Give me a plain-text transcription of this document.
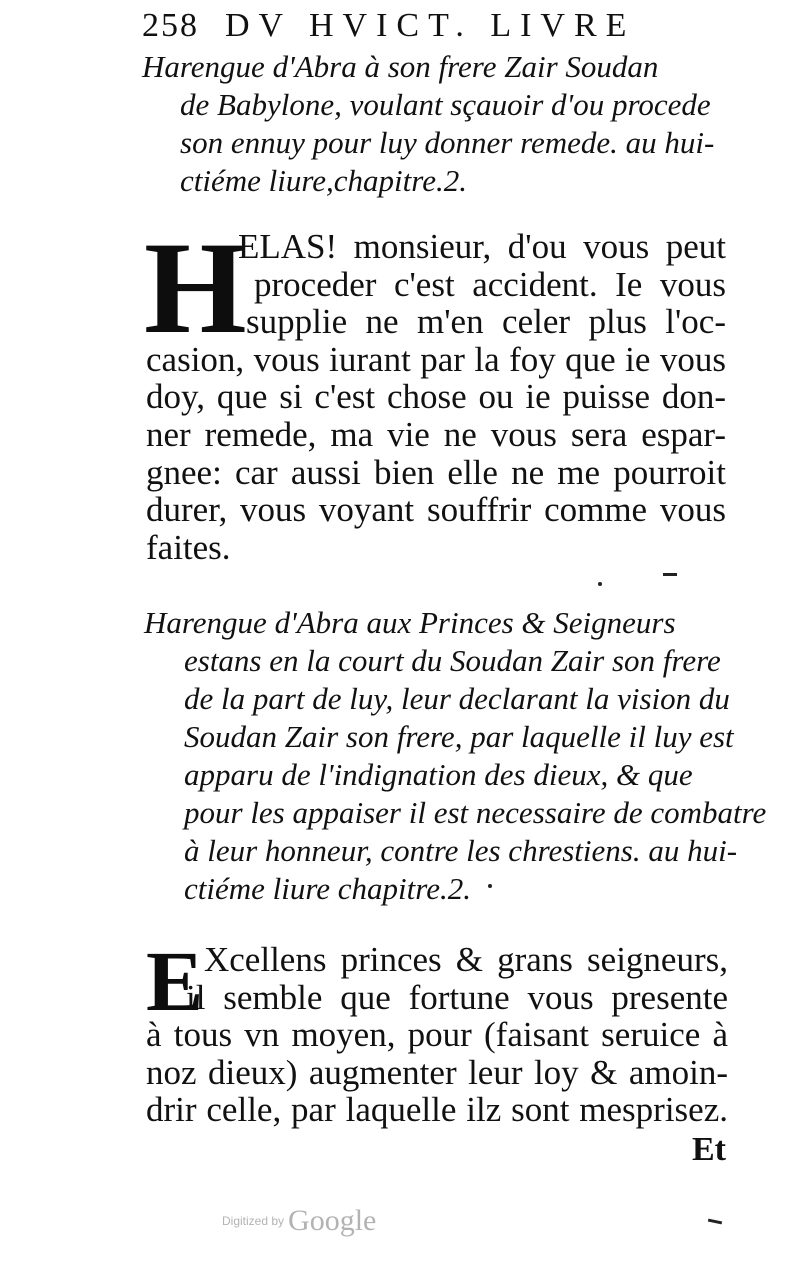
258 DV HVICT. LIVRE
Harengue d'Abra à son frere Zair Soudan
de Babylone, voulant sçauoir d'ou procede
son ennuy pour luy donner remede. au hui-
ctiéme liure,chapitre.2.
H
ELAS! monsieur, d'ou vous peut
proceder c'est accident. Ie vous
supplie ne m'en celer plus l'oc-
casion, vous iurant par la foy que ie vous
doy, que si c'est chose ou ie puisse don-
ner remede, ma vie ne vous sera espar-
gnee: car aussi bien elle ne me pourroit
durer, vous voyant souffrir comme vous
faites.
Harengue d'Abra aux Princes & Seigneurs
estans en la court du Soudan Zair son frere
de la part de luy, leur declarant la vision du
Soudan Zair son frere, par laquelle il luy est
apparu de l'indignation des dieux, & que
pour les appaiser il est necessaire de combatre
à leur honneur, contre les chrestiens. au hui-
ctiéme liure chapitre.2.
E Xcellens princes & grans seigneurs,
il semble que fortune vous presente
à tous vn moyen, pour (faisant seruice à
noz dieux) augmenter leur loy & amoin-
drir celle, par laquelle ilz sont mesprisez.
Et
Digitized by Google
